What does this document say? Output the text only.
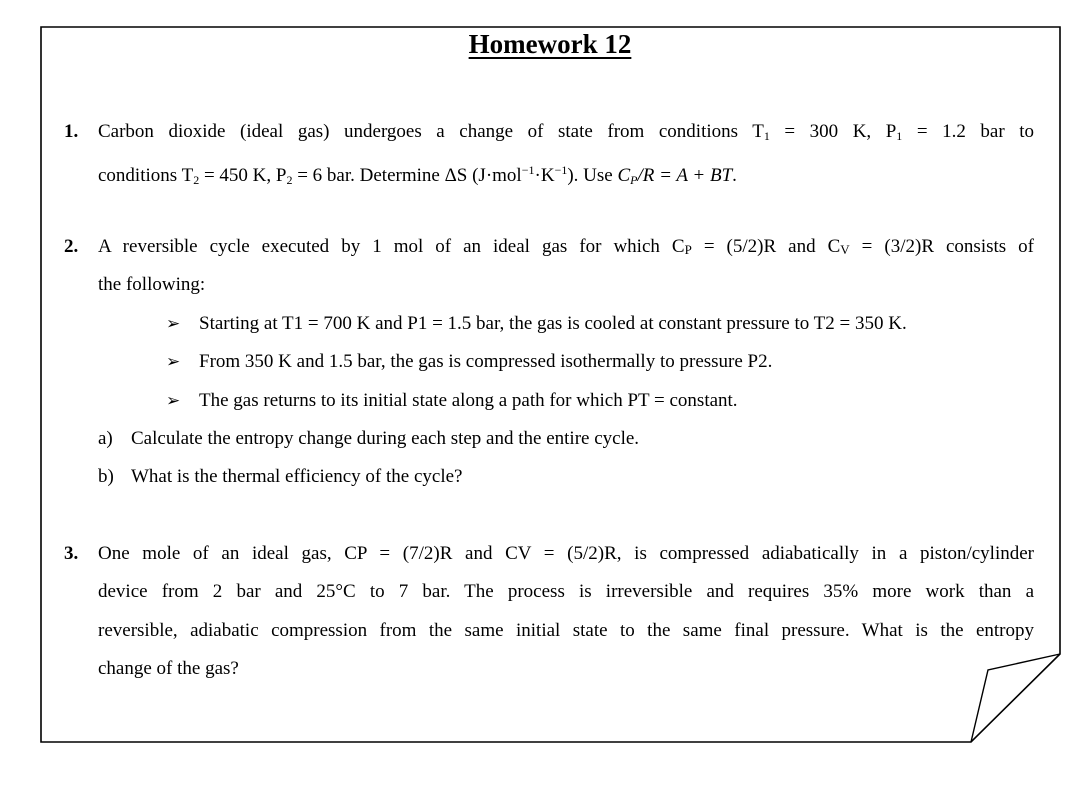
Homework 12
1. Carbon dioxide (ideal gas) undergoes a change of state from conditions $T_1 = 300$ K, $P_1 = 1.2$ bar to
conditions $T_2 = 450$ K, $P_2 = 6$ bar. Determine ΔS $(J\cdot mol^{-1}\cdot K^{-1})$. Use $C_P/R = A$ + BT.
2. A reversible cycle executed by 1 mol of an ideal gas for which CP = (5/2)R and CV = (3/2)R consists of
the following:
➢ Starting at T1 = 700 K and P1 = 1.5 bar, the gas is cooled at constant pressure to T2 = 350 K.
➢ From 350 K and 1.5 bar, the gas is compressed isothermally to pressure P2.
➢ The gas returns to its initial state along a path for which PT = constant.
a) Calculate the entropy change during each step and the entire cycle.
b) What is the thermal efficiency of the cycle?
3. One mole of an ideal gas, CP = (7/2)R and CV = (5/2)R, is compressed adiabatically in a piston/cylinder
device from 2 bar and 25°C to 7 bar. The process is irreversible and requires 35% more work than a
reversible, adiabatic compression from the same initial state to the same final pressure. What is the entropy
change of the gas?
